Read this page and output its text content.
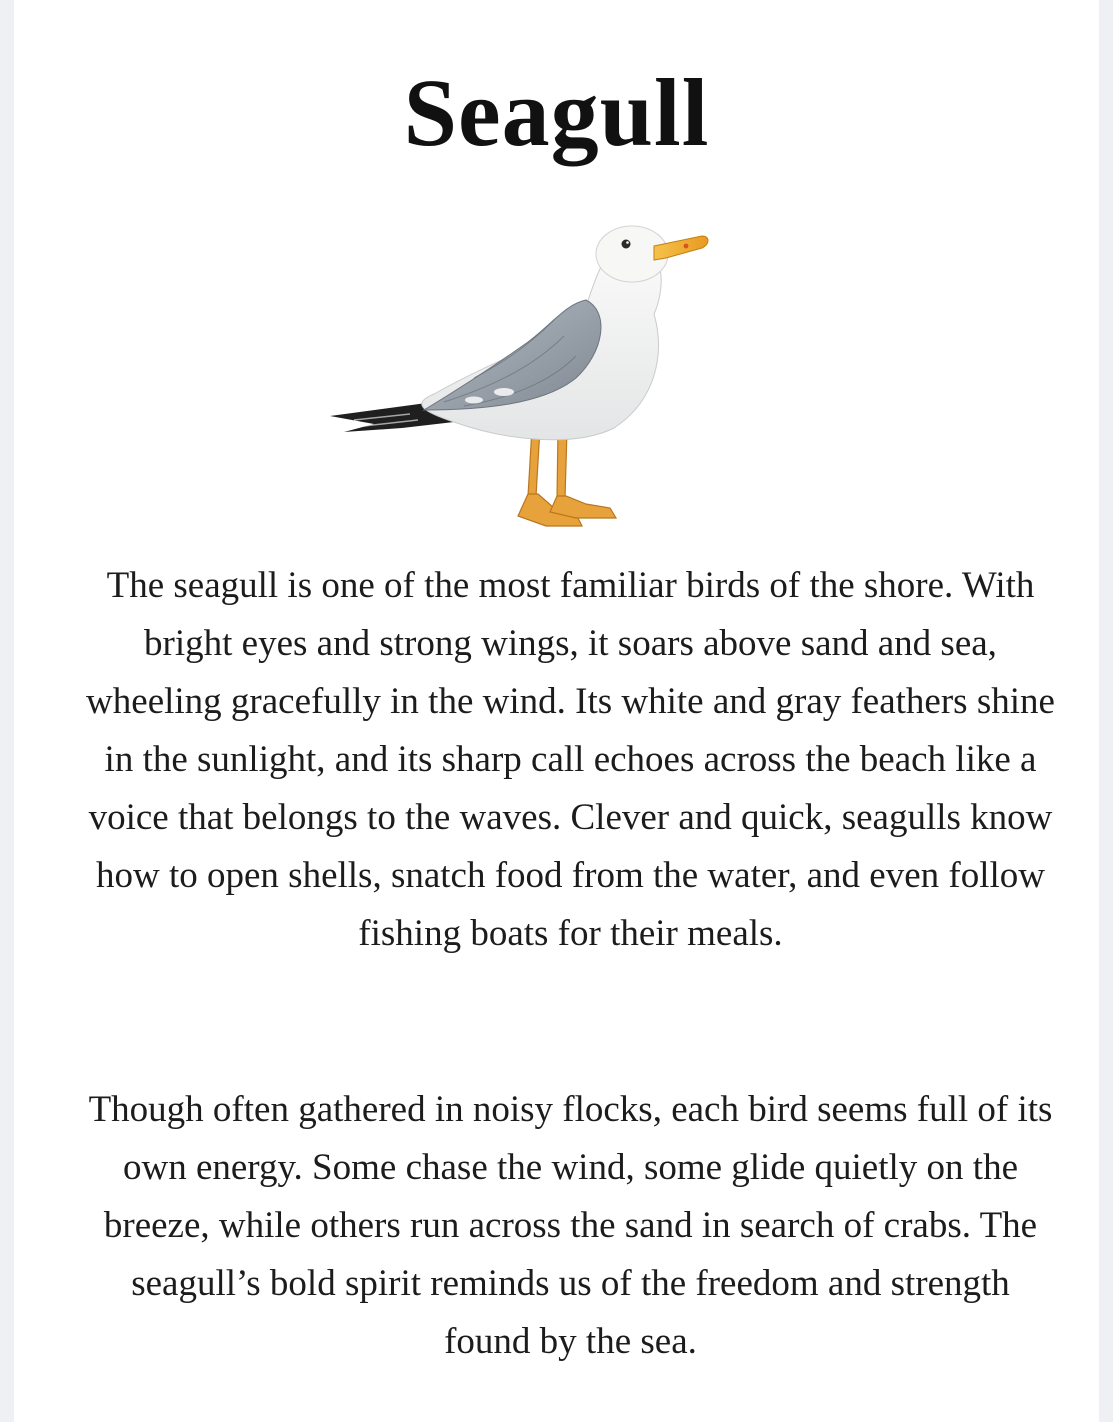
Seagull

The seagull is one of the most familiar birds of the shore. With bright eyes and strong wings, it soars above sand and sea, wheeling gracefully in the wind. Its white and gray feathers shine in the sunlight, and its sharp call echoes across the beach like a voice that belongs to the waves. Clever and quick, seagulls know how to open shells, snatch food from the water, and even follow fishing boats for their meals.

Though often gathered in noisy flocks, each bird seems full of its own energy. Some chase the wind, some glide quietly on the breeze, while others run across the sand in search of crabs. The seagull’s bold spirit reminds us of the freedom and strength found by the sea.
